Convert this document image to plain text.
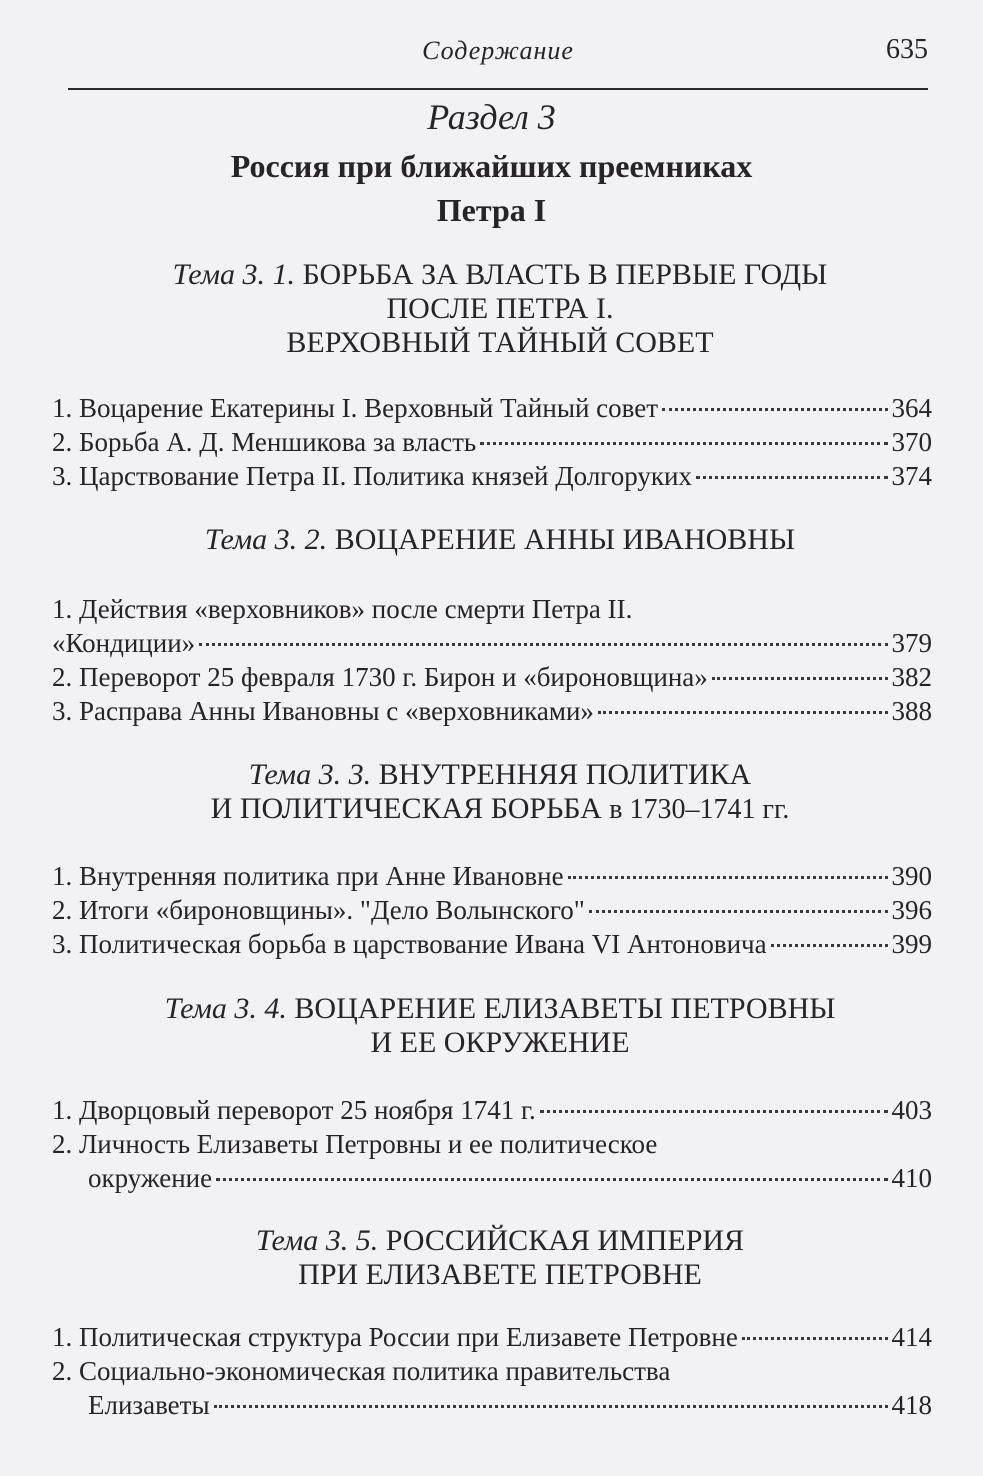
Содержание	635
Раздел 3
Россия при ближайших преемниках
Петра I
Тема 3. 1. БОРЬБА ЗА ВЛАСТЬ В ПЕРВЫЕ ГОДЫ
ПОСЛЕ ПЕТРА I.
ВЕРХОВНЫЙ ТАЙНЫЙ СОВЕТ
1. Воцарение Екатерины I. Верховный Тайный совет	364
2. Борьба А. Д. Меншикова за власть	370
3. Царствование Петра II. Политика князей Долгоруких	374
Тема 3. 2. ВОЦАРЕНИЕ АННЫ ИВАНОВНЫ
1. Действия «верховников» после смерти Петра II.
«Кондиции»	379
2. Переворот 25 февраля 1730 г. Бирон и «бироновщина»	382
3. Расправа Анны Ивановны с «верховниками»	388
Тема 3. 3. ВНУТРЕННЯЯ ПОЛИТИКА
И ПОЛИТИЧЕСКАЯ БОРЬБА в 1730–1741 гг.
1. Внутренняя политика при Анне Ивановне	390
2. Итоги «бироновщины». "Дело Волынского"	396
3. Политическая борьба в царствование Ивана VI Антоновича	399
Тема 3. 4. ВОЦАРЕНИЕ ЕЛИЗАВЕТЫ ПЕТРОВНЫ
И ЕЕ ОКРУЖЕНИЕ
1. Дворцовый переворот 25 ноября 1741 г.	403
2. Личность Елизаветы Петровны и ее политическое
окружение	410
Тема 3. 5. РОССИЙСКАЯ ИМПЕРИЯ
ПРИ ЕЛИЗАВЕТЕ ПЕТРОВНЕ
1. Политическая структура России при Елизавете Петровне	414
2. Социально-экономическая политика правительства
Елизаветы	418
